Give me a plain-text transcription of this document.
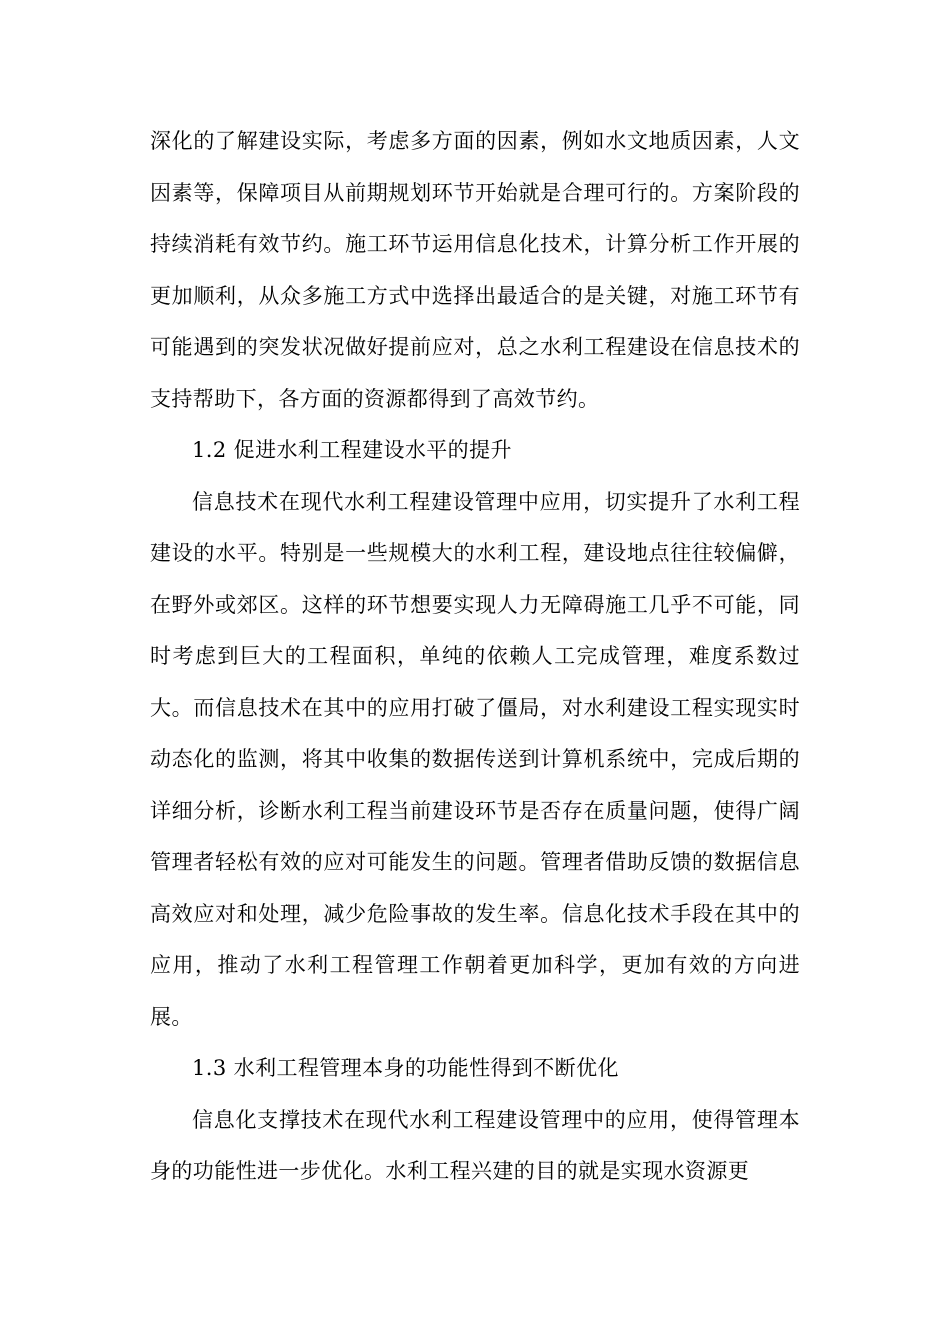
深化的了解建设实际，考虑多方面的因素，例如水文地质因素，人文因素等，保障项目从前期规划环节开始就是合理可行的。方案阶段的持续消耗有效节约。施工环节运用信息化技术，计算分析工作开展的更加顺利，从众多施工方式中选择出最适合的是关键，对施工环节有可能遇到的突发状况做好提前应对，总之水利工程建设在信息技术的支持帮助下，各方面的资源都得到了高效节约。

1.2 促进水利工程建设水平的提升

信息技术在现代水利工程建设管理中应用，切实提升了水利工程建设的水平。特别是一些规模大的水利工程，建设地点往往较偏僻，在野外或郊区。这样的环节想要实现人力无障碍施工几乎不可能，同时考虑到巨大的工程面积，单纯的依赖人工完成管理，难度系数过大。而信息技术在其中的应用打破了僵局，对水利建设工程实现实时动态化的监测，将其中收集的数据传送到计算机系统中，完成后期的详细分析，诊断水利工程当前建设环节是否存在质量问题，使得广阔管理者轻松有效的应对可能发生的问题。管理者借助反馈的数据信息高效应对和处理，减少危险事故的发生率。信息化技术手段在其中的应用，推动了水利工程管理工作朝着更加科学，更加有效的方向进展。

1.3 水利工程管理本身的功能性得到不断优化

信息化支撑技术在现代水利工程建设管理中的应用，使得管理本身的功能性进一步优化。水利工程兴建的目的就是实现水资源更
